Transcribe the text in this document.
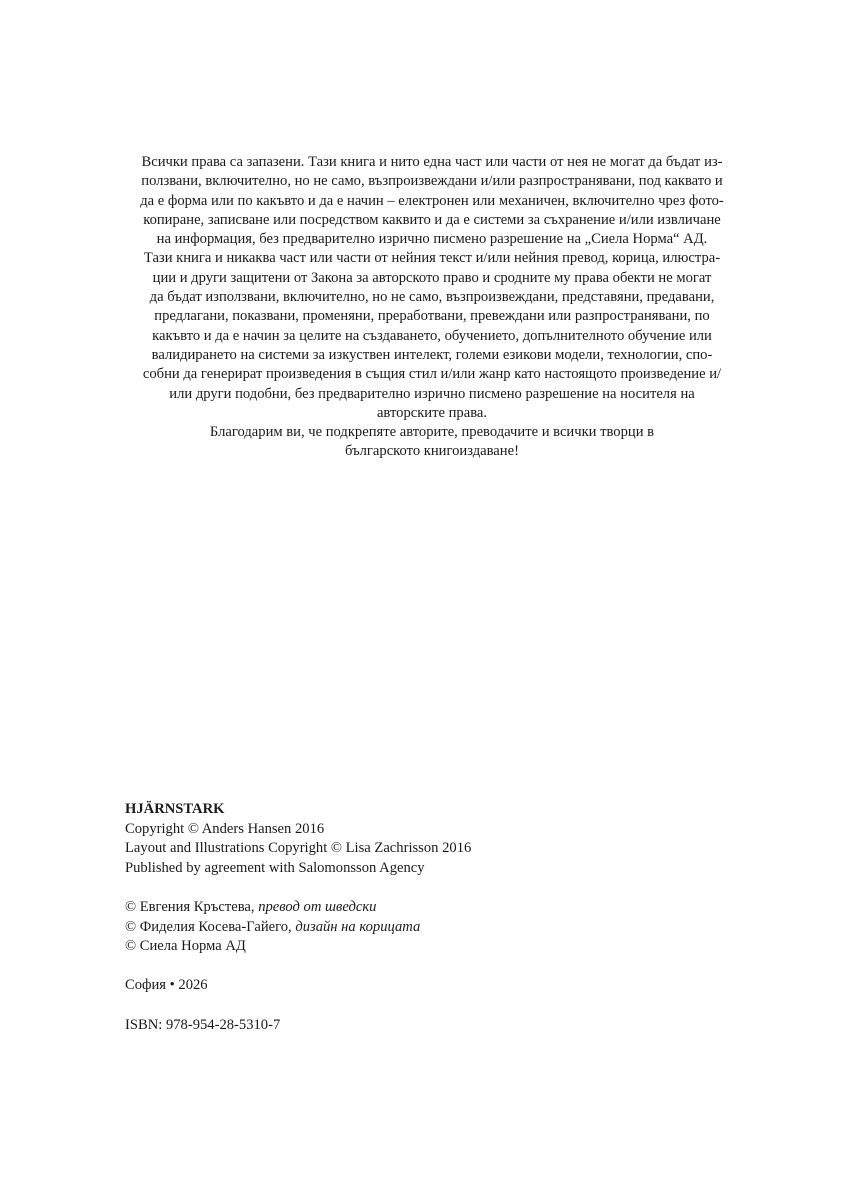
Всички права са запазени. Тази книга и нито една част или части от нея не могат да бъдат из-
ползвани, включително, но не само, възпроизвеждани и/или разпространявани, под каквато и
да е форма или по какъвто и да е начин – електронен или механичен, включително чрез фото-
копиране, записване или посредством каквито и да е системи за съхранение и/или извличане
на информация, без предварително изрично писмено разрешение на „Сиела Норма“ АД.
Тази книга и никаква част или части от нейния текст и/или нейния превод, корица, илюстра-
ции и други защитени от Закона за авторското право и сродните му права обекти не могат
да бъдат използвани, включително, но не само, възпроизвеждани, представяни, предавани,
предлагани, показвани, променяни, преработвани, превеждани или разпространявани, по
какъвто и да е начин за целите на създаването, обучението, допълнителното обучение или
валидирането на системи за изкуствен интелект, големи езикови модели, технологии, спо-
собни да генерират произведения в същия стил и/или жанр като настоящото произведение и/
или други подобни, без предварително изрично писмено разрешение на носителя на
авторските права.
Благодарим ви, че подкрепяте авторите, преводачите и всички творци в
българското книгоиздаване!
HJÄRNSTARK
Copyright © Anders Hansen 2016
Layout and Illustrations Copyright © Lisa Zachrisson 2016
Published by agreement with Salomonsson Agency
© Евгения Кръстева, превод от шведски
© Фиделия Косева-Гайего, дизайн на корицата
© Сиела Норма АД
София • 2026
ISBN: 978-954-28-5310-7
